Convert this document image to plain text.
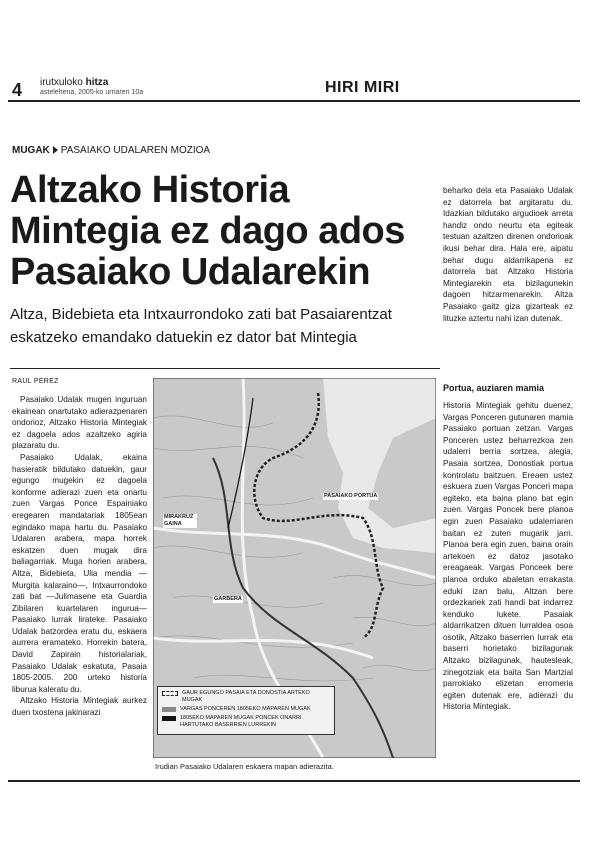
4 irutxuloko hitza
astelehena, 2005-ko urriaren 10a	HIRI MIRI
MUGAK PASAIAKO UDALAREN MOZIOA
Altzako Historia Mintegia ez dago ados Pasaiako Udalarekin
Altza, Bidebieta eta Intxaurrondoko zati bat Pasaiarentzat eskatzeko emandako datuekin ez dator bat Mintegia
RAUL PEREZ

Pasaiako Udalak mugen inguruan ekainean onartutako adierazpenaren ondorioz, Altzako Historia Mintegiak ez dagoela ados azaltzeko agiria plazaratu du.

Pasaiako Udalak, ekaina hasieratik bildutako datuekin, gaur egungo mugekin ez dagoela konforme adierazi zuen eta onartu zuen Vargas Ponce Espainiako eregearen mandatariak 1805ean egindako mapa hartu du. Pasaiako Udalaren arabera, mapa horrek eskatzen duen mugak dira baliagarriak. Muga horien arabera, Altza, Bidebieta, Ulia mendia —Murgita kalaraino—, Intxaurrondoko zati bat —Julimasene eta Guardia Zibilaren kuartelaren ingurua— Pasaiako lurrak lirateke. Pasaiako Udalak batzordea eratu du, eskaera aurrera eramateko. Horrekin batera, David Zapirain historialariak, Pasaiako Udalak eskatuta, Pasaia 1805-2005. 200 urteko historia liburua kaleratu du.

Altzako Historia Mintegiak aurkez duen txostena jakinarazi

PASAIAKO PORTUA
MIRAKRUZ GAINA
GARBERA
GAUR EGUNGO PASAIA ETA DONOSTIA ARTEKO MUGAK
VARGAS PONCEREN 1805EKO MAPAREN MUGAK
1805EKO MAPAREN MUGAK PONCEK ONARRI HARTUTAKO BASERRIEN LURREKIN
Irudian Pasaiako Udalaren eskaera mapan adierazita.

beharko dela eta Pasaiako Udalak ez datorrela bat argitaratu du. Idazkian bildutako argudioek arreta handiz ondo neurtu eta egiteak testuan azaltzen direnen ondorioak ikusi behar dira. Hala ere, aipatu behar dugu aldarrikapena ez datorrela bat Altzako Historia Mintegiarekin eta bizilagunekin dagoen hitzarmenarekin. Altza Pasaiako gaitz giza gizarteak ez lituzke aztertu nahi izan dutenak.

Portua, auziaren mamia

Historia Mintegiak gehitu duenez, Vargas Ponceren gutunaren mamia Pasaiako portuan zetzan. Vargas Ponceren ustez beharrezkoa zen udalerri berria sortzea, alegia, Pasaia sortzea, Donostiak portua kontrolatu baitzuen. Ereaen ustez eskuera zuen Vargas Ponceri mapa egiteko, eta baina plano bat egin zuen. Vargas Poncek bere planoa egin zuen Pasaiako udalerriaren baitan ez zuten mugarik jarri. Planoa bera egin zuen, baina orain artekoen ez datoz jasotako ereagaeak. Vargas Ponceek bere planoa orduko abaletan errakasta eduki izan balu, Altzan bere ordezkariek zati handi bat indarrez kenduko lukete. Pasaiak aldarrikatzen dituen lurraldea osoa osotik, Altzako baserrien lurrak eta baserri horietako bizilagunak Altzako bizilagunak, hautesleak, zinegotziak eta baita San Martzial parrokiako elizetan erromeria egiten dutenak ere, adierazi du Historia Mintegiak.
